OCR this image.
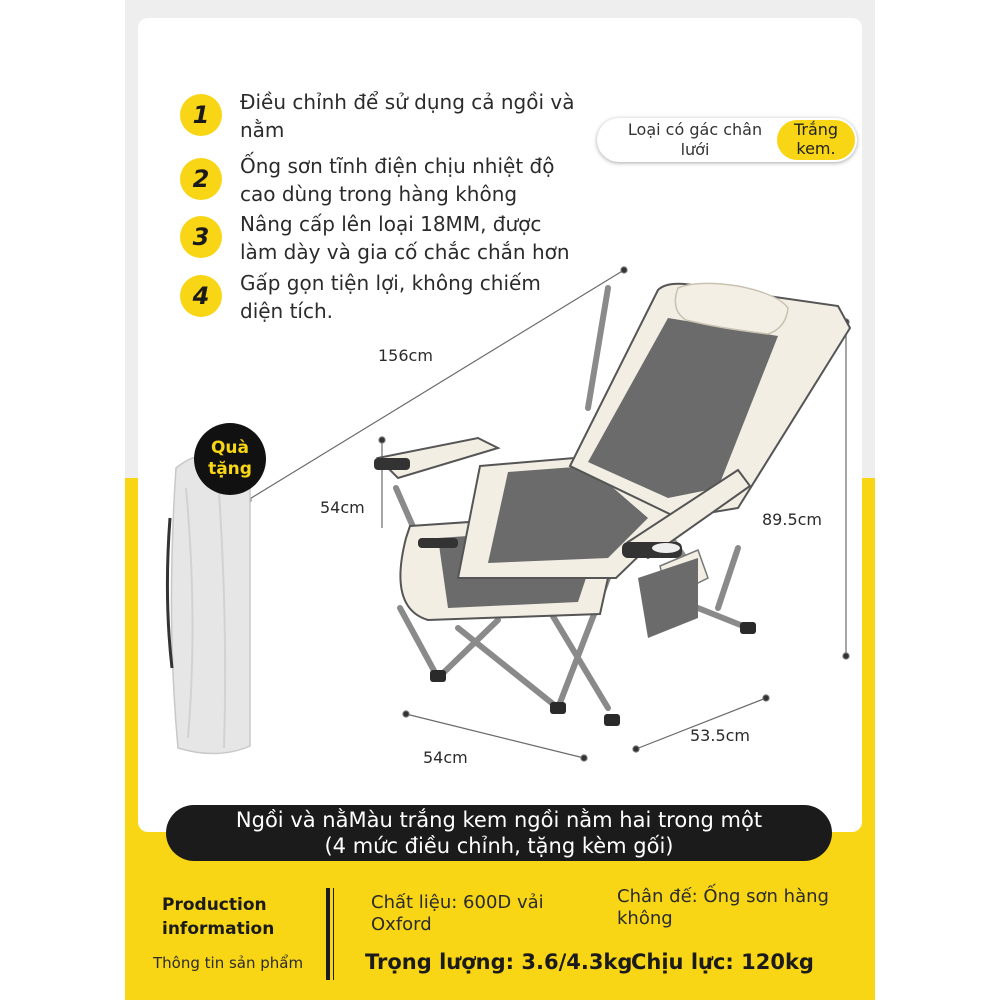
1	Điều chỉnh để sử dụng cả ngồi và nằm
2	Ống sơn tĩnh điện chịu nhiệt độ cao dùng trong hàng không
3	Nâng cấp lên loại 18MM, được làm dày và gia cố chắc chắn hơn
4	Gấp gọn tiện lợi, không chiếm diện tích.
Loại có gác chân lưới
Trắng kem.
Quà tặng
156cm
54cm
89.5cm
54cm
53.5cm
Ngồi và nằMàu trắng kem ngồi nằm hai trong một
(4 mức điều chỉnh, tặng kèm gối)
Production information
Thông tin sản phẩm
Chất liệu: 600D vải Oxford
Chân đế: Ống sơn hàng không
Trọng lượng: 3.6/4.3kg
Chịu lực: 120kg
